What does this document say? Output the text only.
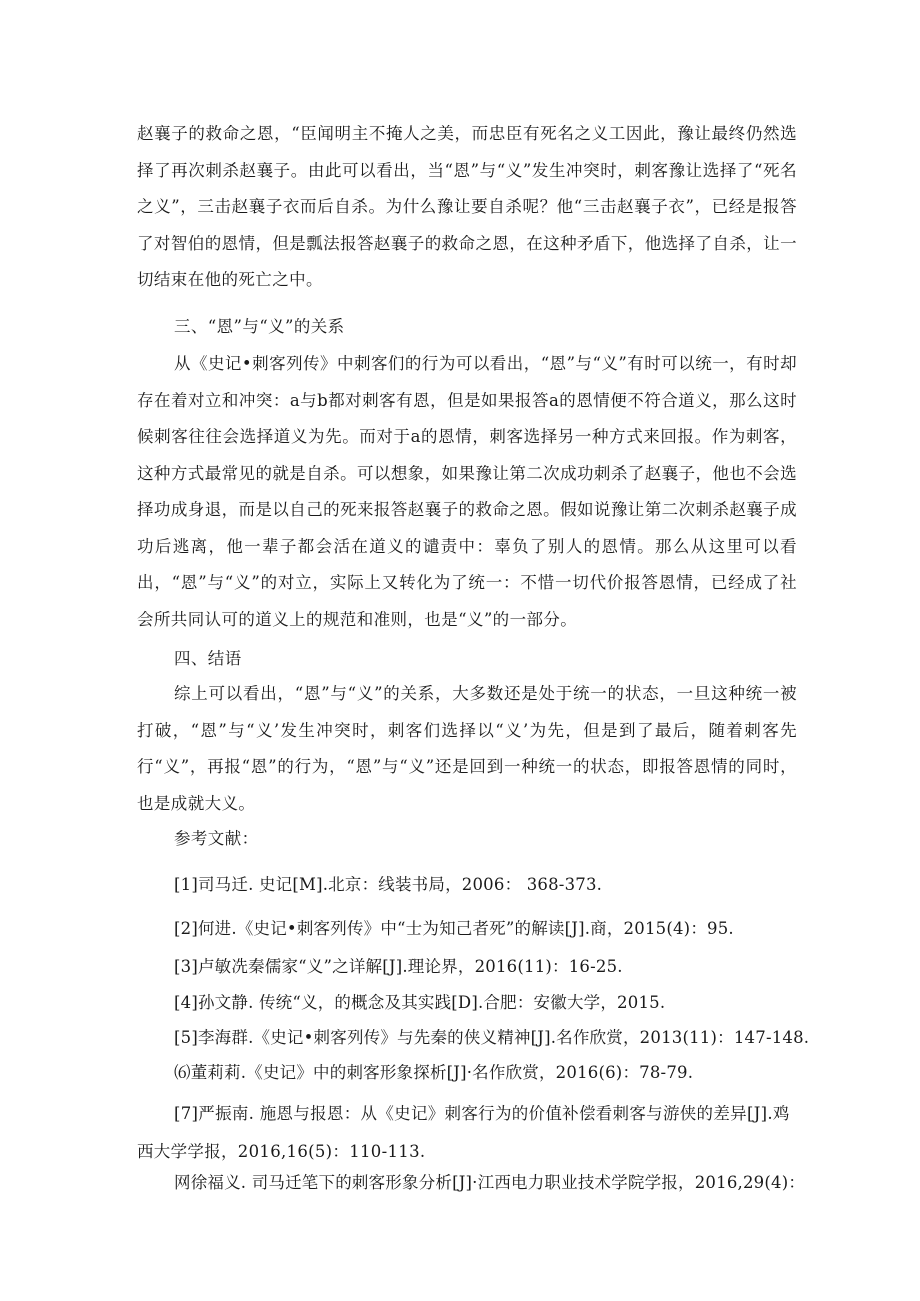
赵襄子的救命之恩，“臣闻明主不掩人之美，而忠臣有死名之义工因此，豫让最终仍然选择了再次刺杀赵襄子。由此可以看出，当“恩”与“义”发生冲突时，刺客豫让选择了“死名之义”，三击赵襄子衣而后自杀。为什么豫让要自杀呢？他“三击赵襄子衣”，已经是报答了对智伯的恩情，但是瓢法报答赵襄子的救命之恩，在这种矛盾下，他选择了自杀，让一切结束在他的死亡之中。

三、“恩”与“义”的关系

从《史记•刺客列传》中刺客们的行为可以看出，“恩”与“义”有时可以统一，有时却存在着对立和冲突：a与b都对刺客有恩，但是如果报答a的恩情便不符合道义，那么这时候刺客往往会选择道义为先。而对于a的恩情，刺客选择另一种方式来回报。作为刺客，这种方式最常见的就是自杀。可以想象，如果豫让第二次成功刺杀了赵襄子，他也不会选择功成身退，而是以自己的死来报答赵襄子的救命之恩。假如说豫让第二次刺杀赵襄子成功后逃离，他一辈子都会活在道义的谴责中：辜负了别人的恩情。那么从这里可以看出，“恩”与“义”的对立，实际上又转化为了统一：不惜一切代价报答恩情，已经成了社会所共同认可的道义上的规范和准则，也是“义”的一部分。

四、结语

综上可以看出，“恩”与“义”的关系，大多数还是处于统一的状态，一旦这种统一被打破，“恩”与“义’发生冲突时，刺客们选择以“义’为先，但是到了最后，随着刺客先行“义”，再报“恩”的行为，“恩”与“义”还是回到一种统一的状态，即报答恩情的同时，也是成就大义。

参考文献：

[1]司马迁. 史记[M].北京：线装书局，2006： 368-373.

[2]何进.《史记•刺客列传》中“士为知己者死”的解读[J].商，2015(4)：95.

[3]卢敏冼秦儒家“义”之详解[J].理论界，2016(11)：16-25.

[4]孙文静. 传统“义，的概念及其实践[D].合肥：安徽大学，2015.

[5]李海群.《史记•刺客列传》与先秦的侠义精神[J].名作欣赏，2013(11)：147-148.

⑹董莉莉.《史记》中的刺客形象探析[J]·名作欣赏，2016(6)：78-79.

[7]严振南. 施恩与报恩：从《史记》刺客行为的价值补偿看刺客与游侠的差异[J].鸡西大学学报，2016,16(5)：110-113.

网徐福义. 司马迁笔下的刺客形象分析[J]·江西电力职业技术学院学报，2016,29(4)：
